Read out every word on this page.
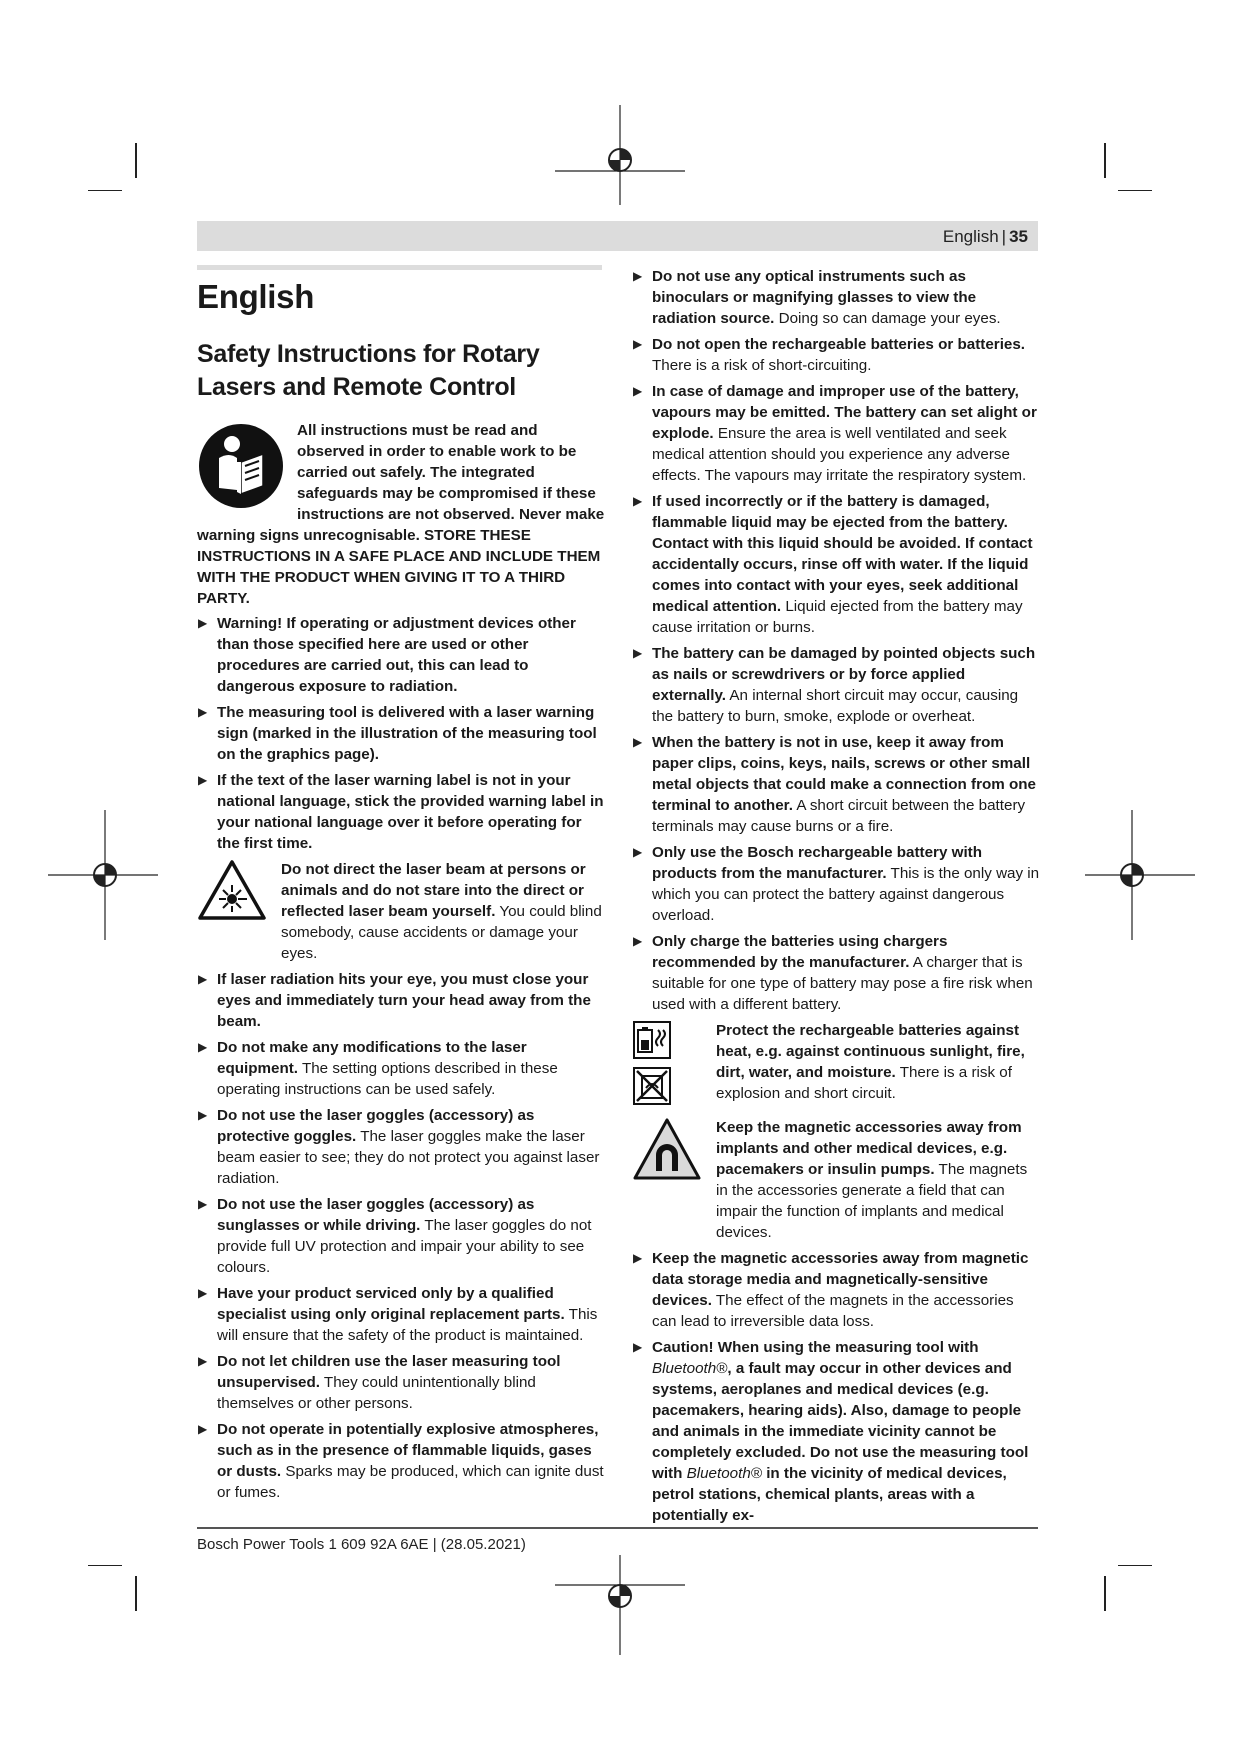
English | 35
English
Safety Instructions for Rotary Lasers and Remote Control
All instructions must be read and observed in order to enable work to be carried out safely. The integrated safeguards may be compromised if these instructions are not observed. Never make warning signs unrecognisable. STORE THESE INSTRUCTIONS IN A SAFE PLACE AND INCLUDE THEM WITH THE PRODUCT WHEN GIVING IT TO A THIRD PARTY.
▶ Warning! If operating or adjustment devices other than those specified here are used or other procedures are carried out, this can lead to dangerous exposure to radiation.
▶ The measuring tool is delivered with a laser warning sign (marked in the illustration of the measuring tool on the graphics page).
▶ If the text of the laser warning label is not in your national language, stick the provided warning label in your national language over it before operating for the first time.
Do not direct the laser beam at persons or animals and do not stare into the direct or reflected laser beam yourself. You could blind somebody, cause accidents or damage your eyes.
▶ If laser radiation hits your eye, you must close your eyes and immediately turn your head away from the beam.
▶ Do not make any modifications to the laser equipment. The setting options described in these operating instructions can be used safely.
▶ Do not use the laser goggles (accessory) as protective goggles. The laser goggles make the laser beam easier to see; they do not protect you against laser radiation.
▶ Do not use the laser goggles (accessory) as sunglasses or while driving. The laser goggles do not provide full UV protection and impair your ability to see colours.
▶ Have your product serviced only by a qualified specialist using only original replacement parts. This will ensure that the safety of the product is maintained.
▶ Do not let children use the laser measuring tool unsupervised. They could unintentionally blind themselves or other persons.
▶ Do not operate in potentially explosive atmospheres, such as in the presence of flammable liquids, gases or dusts. Sparks may be produced, which can ignite dust or fumes.
▶ Do not use any optical instruments such as binoculars or magnifying glasses to view the radiation source. Doing so can damage your eyes.
▶ Do not open the rechargeable batteries or batteries. There is a risk of short-circuiting.
▶ In case of damage and improper use of the battery, vapours may be emitted. The battery can set alight or explode. Ensure the area is well ventilated and seek medical attention should you experience any adverse effects. The vapours may irritate the respiratory system.
▶ If used incorrectly or if the battery is damaged, flammable liquid may be ejected from the battery. Contact with this liquid should be avoided. If contact accidentally occurs, rinse off with water. If the liquid comes into contact with your eyes, seek additional medical attention. Liquid ejected from the battery may cause irritation or burns.
▶ The battery can be damaged by pointed objects such as nails or screwdrivers or by force applied externally. An internal short circuit may occur, causing the battery to burn, smoke, explode or overheat.
▶ When the battery is not in use, keep it away from paper clips, coins, keys, nails, screws or other small metal objects that could make a connection from one terminal to another. A short circuit between the battery terminals may cause burns or a fire.
▶ Only use the Bosch rechargeable battery with products from the manufacturer. This is the only way in which you can protect the battery against dangerous overload.
▶ Only charge the batteries using chargers recommended by the manufacturer. A charger that is suitable for one type of battery may pose a fire risk when used with a different battery.
Protect the rechargeable batteries against heat, e.g. against continuous sunlight, fire, dirt, water, and moisture. There is a risk of explosion and short circuit.
Keep the magnetic accessories away from implants and other medical devices, e.g. pacemakers or insulin pumps. The magnets in the accessories generate a field that can impair the function of implants and medical devices.
▶ Keep the magnetic accessories away from magnetic data storage media and magnetically-sensitive devices. The effect of the magnets in the accessories can lead to irreversible data loss.
▶ Caution! When using the measuring tool with Bluetooth®, a fault may occur in other devices and systems, aeroplanes and medical devices (e.g. pacemakers, hearing aids). Also, damage to people and animals in the immediate vicinity cannot be completely excluded. Do not use the measuring tool with Bluetooth® in the vicinity of medical devices, petrol stations, chemical plants, areas with a potentially ex-
Bosch Power Tools 1 609 92A 6AE | (28.05.2021)
